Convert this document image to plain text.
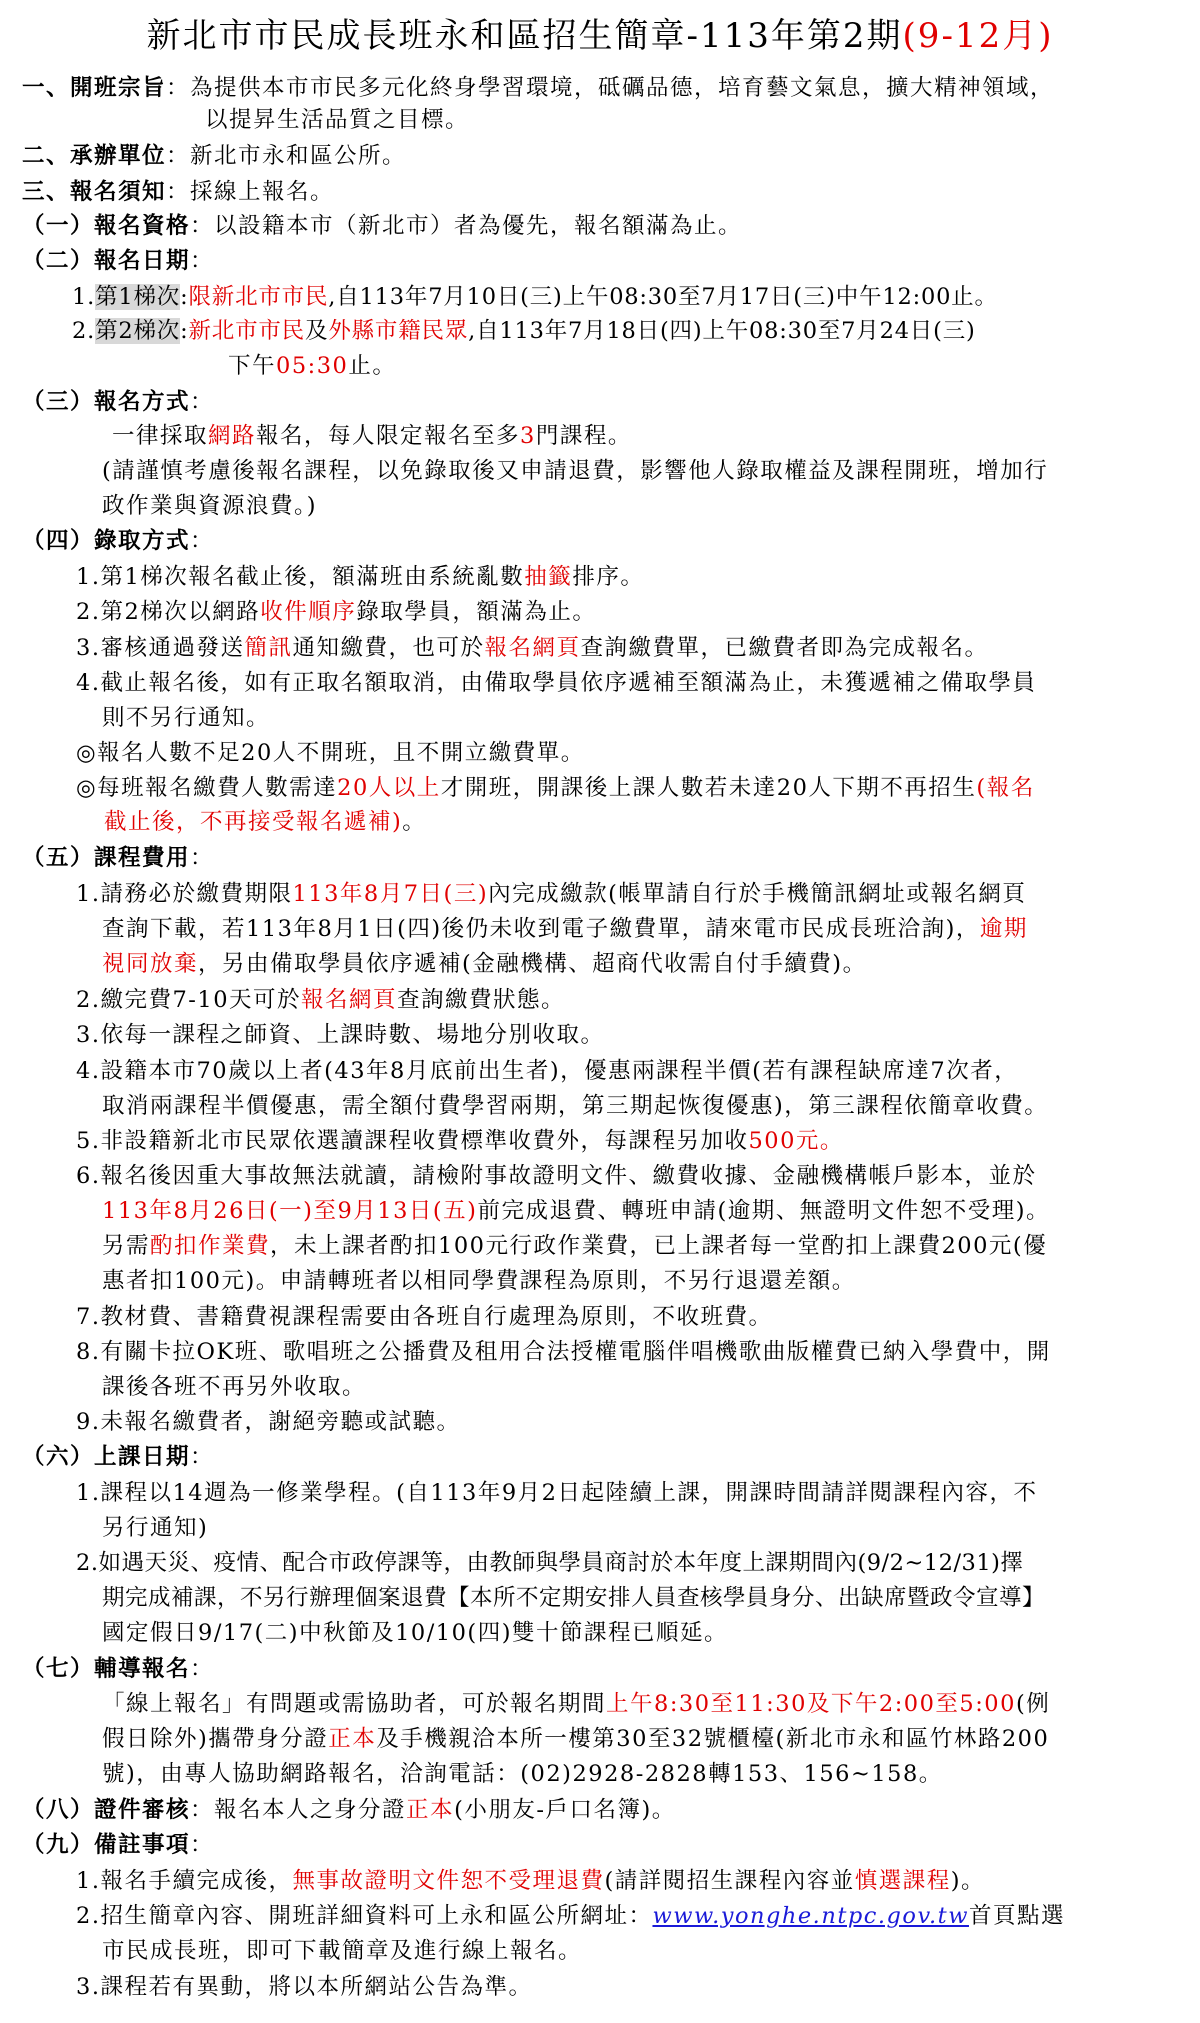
新北市市民成長班永和區招生簡章-113年第2期(9-12月)
一、開班宗旨：為提供本市市民多元化終身學習環境，砥礪品德，培育藝文氣息，擴大精神領域，
以提昇生活品質之目標。
二、承辦單位：新北市永和區公所。
三、報名須知：採線上報名。
（一）報名資格：以設籍本市（新北市）者為優先，報名額滿為止。
（二）報名日期：
1.第1梯次:限新北市市民,自113年7月10日(三)上午08:30至7月17日(三)中午12:00止。
2.第2梯次:新北市市民及外縣市籍民眾,自113年7月18日(四)上午08:30至7月24日(三)
下午05:30止。
（三）報名方式：
一律採取網路報名，每人限定報名至多3門課程。
(請謹慎考慮後報名課程，以免錄取後又申請退費，影響他人錄取權益及課程開班，增加行
政作業與資源浪費。)
（四）錄取方式：
1.第1梯次報名截止後，額滿班由系統亂數抽籤排序。
2.第2梯次以網路收件順序錄取學員，額滿為止。
3.審核通過發送簡訊通知繳費，也可於報名網頁查詢繳費單，已繳費者即為完成報名。
4.截止報名後，如有正取名額取消，由備取學員依序遞補至額滿為止，未獲遞補之備取學員
則不另行通知。
◎報名人數不足20人不開班，且不開立繳費單。
◎每班報名繳費人數需達20人以上才開班，開課後上課人數若未達20人下期不再招生(報名
截止後，不再接受報名遞補)。
（五）課程費用：
1.請務必於繳費期限113年8月7日(三)內完成繳款(帳單請自行於手機簡訊網址或報名網頁
查詢下載，若113年8月1日(四)後仍未收到電子繳費單，請來電市民成長班洽詢)，逾期
視同放棄，另由備取學員依序遞補(金融機構、超商代收需自付手續費)。
2.繳完費7-10天可於報名網頁查詢繳費狀態。
3.依每一課程之師資、上課時數、場地分別收取。
4.設籍本市70歲以上者(43年8月底前出生者)，優惠兩課程半價(若有課程缺席達7次者，
取消兩課程半價優惠，需全額付費學習兩期，第三期起恢復優惠)，第三課程依簡章收費。
5.非設籍新北市民眾依選讀課程收費標準收費外，每課程另加收500元。
6.報名後因重大事故無法就讀，請檢附事故證明文件、繳費收據、金融機構帳戶影本，並於
113年8月26日(一)至9月13日(五)前完成退費、轉班申請(逾期、無證明文件恕不受理)。
另需酌扣作業費，未上課者酌扣100元行政作業費，已上課者每一堂酌扣上課費200元(優
惠者扣100元)。申請轉班者以相同學費課程為原則，不另行退還差額。
7.教材費、書籍費視課程需要由各班自行處理為原則，不收班費。
8.有關卡拉OK班、歌唱班之公播費及租用合法授權電腦伴唱機歌曲版權費已納入學費中，開
課後各班不再另外收取。
9.未報名繳費者，謝絕旁聽或試聽。
（六）上課日期：
1.課程以14週為一修業學程。(自113年9月2日起陸續上課，開課時間請詳閱課程內容，不
另行通知)
2.如遇天災、疫情、配合市政停課等，由教師與學員商討於本年度上課期間內(9/2~12/31)擇
期完成補課，不另行辦理個案退費【本所不定期安排人員查核學員身分、出缺席暨政令宣導】
國定假日9/17(二)中秋節及10/10(四)雙十節課程已順延。
（七）輔導報名：
「線上報名」有問題或需協助者，可於報名期間上午8:30至11:30及下午2:00至5:00(例
假日除外)攜帶身分證正本及手機親洽本所一樓第30至32號櫃檯(新北市永和區竹林路200
號)，由專人協助網路報名，洽詢電話：(02)2928-2828轉153、156~158。
（八）證件審核：報名本人之身分證正本(小朋友-戶口名簿)。
（九）備註事項：
1.報名手續完成後，無事故證明文件恕不受理退費(請詳閱招生課程內容並慎選課程)。
2.招生簡章內容、開班詳細資料可上永和區公所網址：www.yonghe.ntpc.gov.tw首頁點選
市民成長班，即可下載簡章及進行線上報名。
3.課程若有異動，將以本所網站公告為準。
